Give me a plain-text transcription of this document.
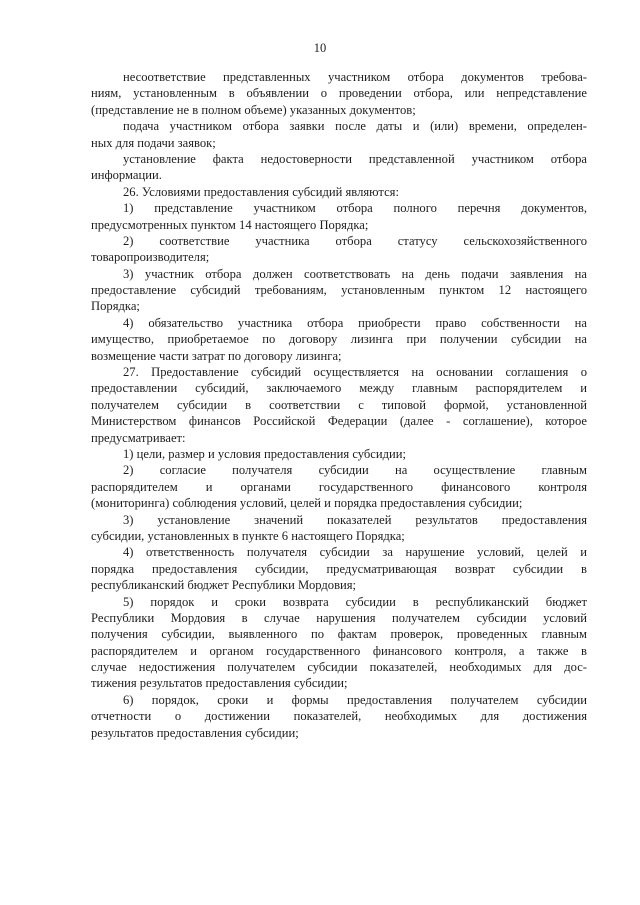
10
несоответствие представленных участником отбора документов требова-
ниям, установленным в объявлении о проведении отбора, или непредставление
(представление не в полном объеме) указанных документов;
подача участником отбора заявки после даты и (или) времени, определен-
ных для подачи заявок;
установление факта недостоверности представленной участником отбора
информации.
26. Условиями предоставления субсидий являются:
1) представление участником отбора полного перечня документов,
предусмотренных пунктом 14 настоящего Порядка;
2) соответствие участника отбора статусу сельскохозяйственного
товаропроизводителя;
3) участник отбора должен соответствовать на день подачи заявления на
предоставление субсидий требованиям, установленным пунктом 12 настоящего
Порядка;
4) обязательство участника отбора приобрести право собственности на
имущество, приобретаемое по договору лизинга при получении субсидии на
возмещение части затрат по договору лизинга;
27. Предоставление субсидий осуществляется на основании соглашения о
предоставлении субсидий, заключаемого между главным распорядителем и
получателем субсидии в соответствии с типовой формой, установленной
Министерством финансов Российской Федерации (далее - соглашение), которое
предусматривает:
1) цели, размер и условия предоставления субсидии;
2) согласие получателя субсидии на осуществление главным
распорядителем и органами государственного финансового контроля
(мониторинга) соблюдения условий, целей и порядка предоставления субсидии;
3) установление значений показателей результатов предоставления
субсидии, установленных в пункте 6 настоящего Порядка;
4) ответственность получателя субсидии за нарушение условий, целей и
порядка предоставления субсидии, предусматривающая возврат субсидии в
республиканский бюджет Республики Мордовия;
5) порядок и сроки возврата субсидии в республиканский бюджет
Республики Мордовия в случае нарушения получателем субсидии условий
получения субсидии, выявленного по фактам проверок, проведенных главным
распорядителем и органом государственного финансового контроля, а также в
случае недостижения получателем субсидии показателей, необходимых для дос-
тижения результатов предоставления субсидии;
6) порядок, сроки и формы предоставления получателем субсидии
отчетности о достижении показателей, необходимых для достижения
результатов предоставления субсидии;
